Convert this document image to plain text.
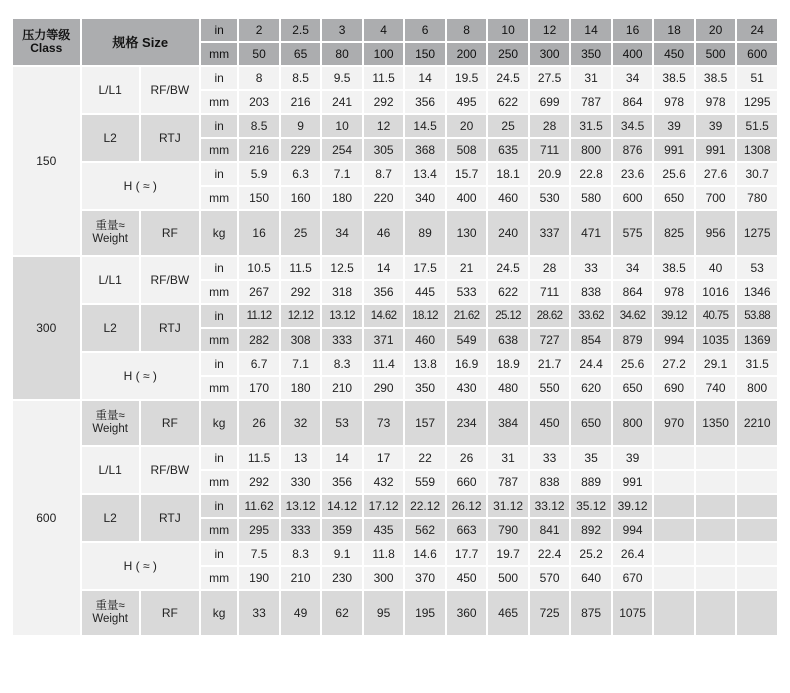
压力等级
Class	规格 Size		in	2	2.5	3	4	6	8	10	12	14	16	18	20	24
			mm	50	65	80	100	150	200	250	300	350	400	450	500	600
150	L/L1	RF/BW	in	8	8.5	9.5	11.5	14	19.5	24.5	27.5	31	34	38.5	38.5	51
			mm	203	216	241	292	356	495	622	699	787	864	978	978	1295
	L2	RTJ	in	8.5	9	10	12	14.5	20	25	28	31.5	34.5	39	39	51.5
			mm	216	229	254	305	368	508	635	711	800	876	991	991	1308
	H ( ≈ )		in	5.9	6.3	7.1	8.7	13.4	15.7	18.1	20.9	22.8	23.6	25.6	27.6	30.7
			mm	150	160	180	220	340	400	460	530	580	600	650	700	780
	重量≈
Weight	RF	kg	16	25	34	46	89	130	240	337	471	575	825	956	1275
300	L/L1	RF/BW	in	10.5	11.5	12.5	14	17.5	21	24.5	28	33	34	38.5	40	53
			mm	267	292	318	356	445	533	622	711	838	864	978	1016	1346
	L2	RTJ	in	11.12	12.12	13.12	14.62	18.12	21.62	25.12	28.62	33.62	34.62	39.12	40.75	53.88
			mm	282	308	333	371	460	549	638	727	854	879	994	1035	1369
	H ( ≈ )		in	6.7	7.1	8.3	11.4	13.8	16.9	18.9	21.7	24.4	25.6	27.2	29.1	31.5
			mm	170	180	210	290	350	430	480	550	620	650	690	740	800
600	重量≈
Weight	RF	kg	26	32	53	73	157	234	384	450	650	800	970	1350	2210
	L/L1	RF/BW	in	11.5	13	14	17	22	26	31	33	35	39			
			mm	292	330	356	432	559	660	787	838	889	991			
	L2	RTJ	in	11.62	13.12	14.12	17.12	22.12	26.12	31.12	33.12	35.12	39.12			
			mm	295	333	359	435	562	663	790	841	892	994			
	H ( ≈ )		in	7.5	8.3	9.1	11.8	14.6	17.7	19.7	22.4	25.2	26.4			
			mm	190	210	230	300	370	450	500	570	640	670			
	重量≈
Weight	RF	kg	33	49	62	95	195	360	465	725	875	1075			
